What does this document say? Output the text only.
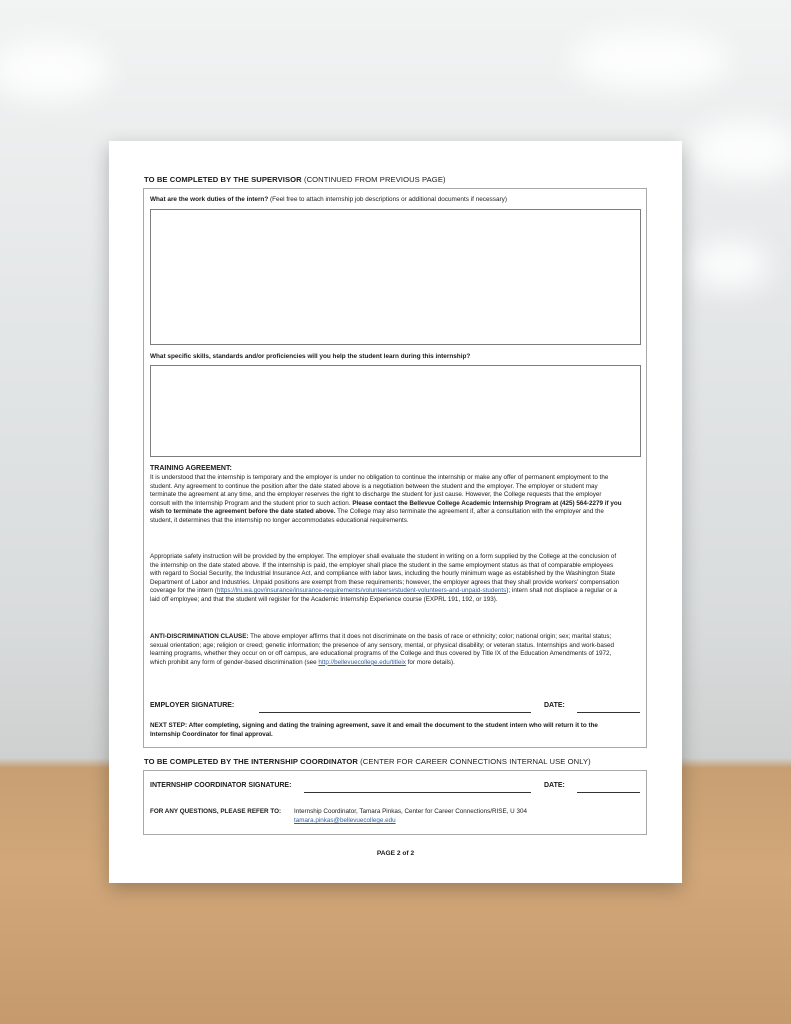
TO BE COMPLETED BY THE SUPERVISOR (CONTINUED FROM PREVIOUS PAGE)
What are the work duties of the intern? (Feel free to attach internship job descriptions or additional documents if necessary)
What specific skills, standards and/or proficiencies will you help the student learn during this internship?
TRAINING AGREEMENT:
It is understood that the internship is temporary and the employer is under no obligation to continue the internship or make any offer of permanent employment to the student. Any agreement to continue the position after the date stated above is a negotiation between the student and the employer. The employer or student may terminate the agreement at any time, and the employer reserves the right to discharge the student for just cause. However, the College requests that the employer consult with the Internship Program and the student prior to such action. Please contact the Bellevue College Academic Internship Program at (425) 564-2279 if you wish to terminate the agreement before the date stated above. The College may also terminate the agreement if, after a consultation with the employer and the student, it determines that the internship no longer accommodates educational requirements.
Appropriate safety instruction will be provided by the employer. The employer shall evaluate the student in writing on a form supplied by the College at the conclusion of the internship on the date stated above. If the internship is paid, the employer shall place the student in the same employment status as that of comparable employees with regard to Social Security, the Industrial Insurance Act, and compliance with labor laws, including the hourly minimum wage as established by the Washington State Department of Labor and Industries. Unpaid positions are exempt from these requirements; however, the employer agrees that they shall provide workers' compensation coverage for the intern (https://lni.wa.gov/insurance/insurance-requirements/volunteers#student-volunteers-and-unpaid-students); intern shall not displace a regular or a laid off employee; and that the student will register for the Academic Internship Experience course (EXPRL 191, 192, or 193).
ANTI-DISCRIMINATION CLAUSE: The above employer affirms that it does not discriminate on the basis of race or ethnicity; color; national origin; sex; marital status; sexual orientation; age; religion or creed; genetic information; the presence of any sensory, mental, or physical disability; or veteran status. Internships and work-based learning programs, whether they occur on or off campus, are educational programs of the College and thus covered by Title IX of the Education Amendments of 1972, which prohibit any form of gender-based discrimination (see http://bellevuecollege.edu/titleix for more details).
EMPLOYER SIGNATURE:	DATE:
NEXT STEP: After completing, signing and dating the training agreement, save it and email the document to the student intern who will return it to the Internship Coordinator for final approval.
TO BE COMPLETED BY THE INTERNSHIP COORDINATOR (CENTER FOR CAREER CONNECTIONS INTERNAL USE ONLY)
INTERNSHIP COORDINATOR SIGNATURE:	DATE:
FOR ANY QUESTIONS, PLEASE REFER TO: Internship Coordinator, Tamara Pinkas, Center for Career Connections/RISE, U 304
tamara.pinkas@bellevuecollege.edu
PAGE 2 of 2
